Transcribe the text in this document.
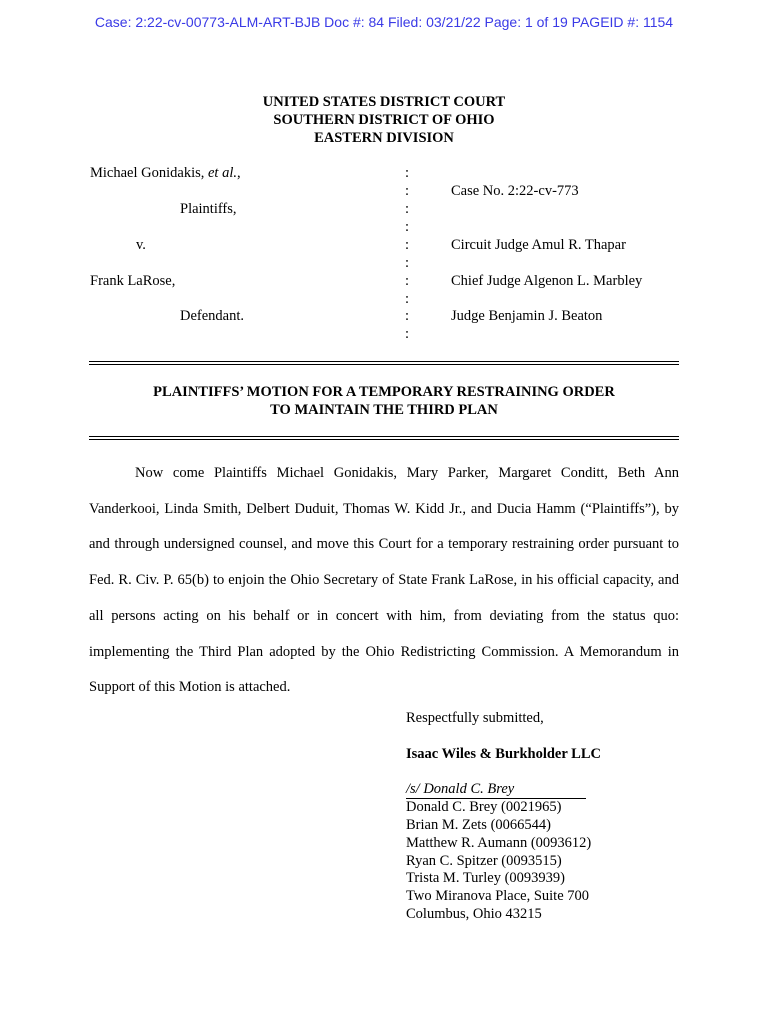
Case: 2:22-cv-00773-ALM-ART-BJB Doc #: 84 Filed: 03/21/22 Page: 1 of 19 PAGEID #: 1154
UNITED STATES DISTRICT COURT
SOUTHERN DISTRICT OF OHIO
EASTERN DIVISION
Michael Gonidakis, et al.,
Plaintiffs,
v.
Frank LaRose,
Defendant.
:
:
:
:
:
:
:
:
:
:
Case No. 2:22-cv-773
Circuit Judge Amul R. Thapar
Chief Judge Algenon L. Marbley
Judge Benjamin J. Beaton
PLAINTIFFS’ MOTION FOR A TEMPORARY RESTRAINING ORDER
TO MAINTAIN THE THIRD PLAN

Now come Plaintiffs Michael Gonidakis, Mary Parker, Margaret Conditt, Beth Ann Vanderkooi, Linda Smith, Delbert Duduit, Thomas W. Kidd Jr., and Ducia Hamm (“Plaintiffs”), by and through undersigned counsel, and move this Court for a temporary restraining order pursuant to Fed. R. Civ. P. 65(b) to enjoin the Ohio Secretary of State Frank LaRose, in his official capacity, and all persons acting on his behalf or in concert with him, from deviating from the status quo: implementing the Third Plan adopted by the Ohio Redistricting Commission. A Memorandum in Support of this Motion is attached.

Respectfully submitted,
Isaac Wiles & Burkholder LLC
/s/ Donald C. Brey
Donald C. Brey (0021965)
Brian M. Zets (0066544)
Matthew R. Aumann (0093612)
Ryan C. Spitzer (0093515)
Trista M. Turley (0093939)
Two Miranova Place, Suite 700
Columbus, Ohio 43215
